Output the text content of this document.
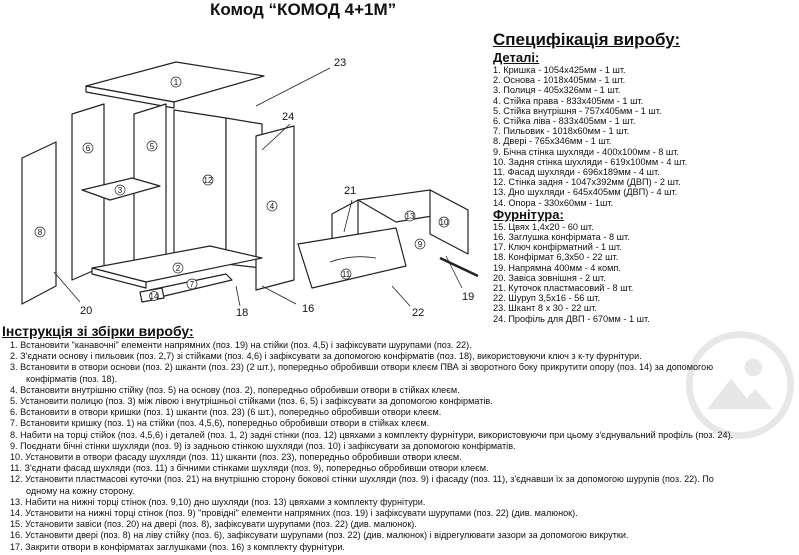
Комод “КОМОД 4+1М”
23
24
21
19
22
20	18	16
1
2
3
4
5
6
7
8
9
10
11
12
13
14
Специфікація виробу:
Деталі:
1. Кришка - 1054х425мм - 1 шт.
2. Основа - 1018х405мм - 1 шт.
3. Полиця - 405х326мм - 1 шт.
4. Стійка права - 833х405мм - 1 шт.
5. Стійка внутрішня - 757х405мм - 1 шт.
6. Стійка ліва - 833х405мм - 1 шт.
7. Пильовик - 1018х60мм - 1 шт.
8. Двері - 765х346мм - 1 шт.
9. Бічна стінка шухляди - 400х100мм - 8 шт.
10. Задня стінка шухляди - 619х100мм - 4 шт.
11. Фасад шухляди - 696х189мм - 4 шт.
12. Стінка задня - 1047х392мм (ДВП) - 2 шт.
13. Дно шухляди - 645х405мм (ДВП) - 4 шт.
14. Опора - 330х60мм - 1шт.
Фурнітура:
15. Цвях 1,4х20 - 60 шт.
16. Заглушка конфірмата - 8 шт.
17. Ключ конфірматний - 1 шт.
18. Конфірмат 6,3х50 - 22 шт.
19. Напрямна 400мм - 4 комп.
20. Завіса зовнішня - 2 шт.
21. Куточок пластмасовий - 8 шт.
22. Шуруп 3,5х16 - 56 шт.
23. Шкант 8 х 30 - 22 шт.
24. Профіль для ДВП - 670мм - 1 шт.
Інструкція зі збірки виробу:
1. Встановити "канавочні" елементи напрямних (поз. 19) на стійки (поз. 4,5) і зафіксувати шурупами (поз. 22).
2. З'єднати основу і пильовик (поз. 2,7) зі стійками (поз. 4,6) і зафіксувати за допомогою конфірматів (поз. 18), використовуючи ключ з к-ту фурнітури.
3. Встановити в отвори основи (поз. 2) шканти (поз. 23) (2 шт.), попередньо обробивши отвори клеєм ПВА зі зворотного боку прикрутити опору (поз. 14) за допомогою
конфірматів (поз. 18).
4. Встановити внутрішню стійку (поз. 5) на основу (поз. 2), попередньо обробивши отвори в стійках клеєм.
5. Установити полицю (поз. 3) між лівою і внутрішньої стійками (поз. 6, 5) і зафіксувати за допомогою конфірматів.
6. Встановити в отвори кришки (поз. 1) шканти (поз. 23) (6 шт.), попередньо обробивши отвори клеєм.
7. Встановити кришку (поз. 1) на стійки (поз. 4,5,6), попередньо обробивши отвори в стійках клеєм.
8. Набити на торці стійок (поз. 4,5,6) і деталей (поз. 1, 2) задні стінки (поз. 12) цвяхами з комплекту фурнітури, використовуючи при цьому з'єднувальний профіль (поз. 24).
9. Поєднати бічні стінки шухляди (поз. 9) із задньою стінкою шухляди (поз. 10) і зафіксувати за допомогою конфірматів.
10. Установити в отвори фасаду шухляди (поз. 11) шканти (поз. 23), попередньо обробивши отвори клеєм.
11. З'єднати фасад шухляди (поз. 11) з бічними стінками шухляди (поз. 9), попередньо обробивши отвори клеєм.
12. Установити пластмасові куточки (поз. 21) на внутрішню сторону бокової стінки шухляди (поз. 9) і фасаду (поз. 11), з'єднавши їх за допомогою шурупів (поз. 22). По
одному на кожну сторону.
13. Набити на нижні торці стінок (поз. 9,10) дно шухляди (поз. 13) цвяхами з комплекту фурнітури.
14. Установити на нижні торці стінок (поз. 9) "провідні" елементи напрямних (поз. 19) і зафіксувати шурупами (поз. 22) (див. малюнок).
15. Установити завіси (поз. 20) на двері (поз. 8), зафіксувати шурупами (поз. 22) (див. малюнок).
16. Установити двері (поз. 8) на ліву стійку (поз. 6), зафіксувати шурупами (поз. 22) (див. малюнок) і відрегулювати зазори за допомогою викрутки.
17. Закрити отвори в конфірматах заглушками (поз. 16) з комплекту фурнітури.
